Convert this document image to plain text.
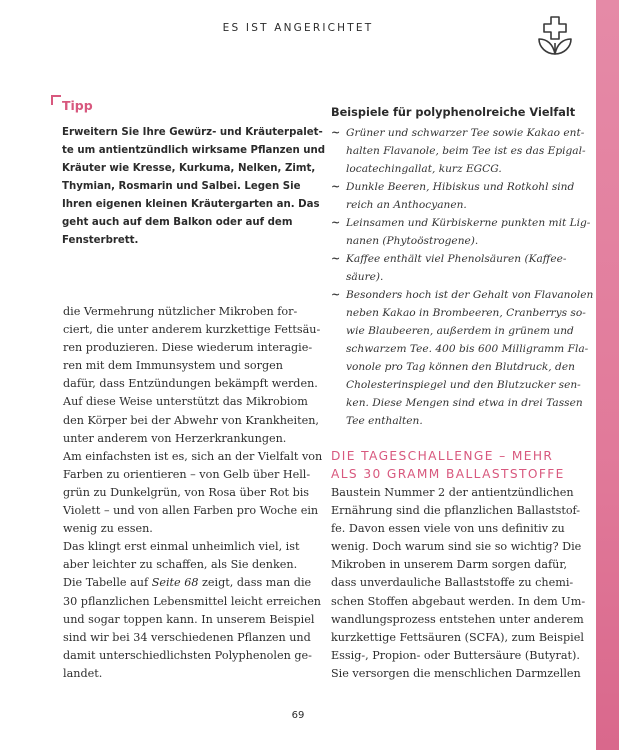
ES IST ANGERICHTET
Tipp
Erweitern Sie Ihre Gewürz- und Kräuterpalet-
te um antientzündlich wirksame Pflanzen und
Kräuter wie Kresse, Kurkuma, Nelken, Zimt,
Thymian, Rosmarin und Salbei. Legen Sie
Ihren eigenen kleinen Kräutergarten an. Das
geht auch auf dem Balkon oder auf dem
Fensterbrett.
die Vermehrung nützlicher Mikroben for-
ciert, die unter anderem kurzkettige Fettsäu-
ren produzieren. Diese wiederum interagie-
ren mit dem Immunsystem und sorgen
dafür, dass Entzündungen bekämpft werden.
Auf diese Weise unterstützt das Mikrobiom
den Körper bei der Abwehr von Krankheiten,
unter anderem von Herzerkrankungen.
Am einfachsten ist es, sich an der Vielfalt von
Farben zu orientieren – von Gelb über Hell-
grün zu Dunkelgrün, von Rosa über Rot bis
Violett – und von allen Farben pro Woche ein
wenig zu essen.
Das klingt erst einmal unheimlich viel, ist
aber leichter zu schaffen, als Sie denken.
Die Tabelle auf Seite 68 zeigt, dass man die
30 pflanzlichen Lebensmittel leicht erreichen
und sogar toppen kann. In unserem Beispiel
sind wir bei 34 verschiedenen Pflanzen und
damit unterschiedlichsten Polyphenolen ge-
landet.
Beispiele für polyphenolreiche Vielfalt
~ Grüner und schwarzer Tee sowie Kakao ent-
halten Flavanole, beim Tee ist es das Epigal-
locatechingallat, kurz EGCG.
~ Dunkle Beeren, Hibiskus und Rotkohl sind
reich an Anthocyanen.
~ Leinsamen und Kürbiskerne punkten mit Lig-
nanen (Phytoöstrogene).
~ Kaffee enthält viel Phenolsäuren (Kaffee-
säure).
~ Besonders hoch ist der Gehalt von Flavanolen
neben Kakao in Brombeeren, Cranberrys so-
wie Blaubeeren, außerdem in grünem und
schwarzem Tee. 400 bis 600 Milligramm Fla-
vonole pro Tag können den Blutdruck, den
Cholesterinspiegel und den Blutzucker sen-
ken. Diese Mengen sind etwa in drei Tassen
Tee enthalten.
DIE TAGESCHALLENGE – MEHR
ALS 30 GRAMM BALLASTSTOFFE
Baustein Nummer 2 der antientzündlichen
Ernährung sind die pflanzlichen Ballaststof-
fe. Davon essen viele von uns definitiv zu
wenig. Doch warum sind sie so wichtig? Die
Mikroben in unserem Darm sorgen dafür,
dass unverdauliche Ballaststoffe zu chemi-
schen Stoffen abgebaut werden. In dem Um-
wandlungsprozess entstehen unter anderem
kurzkettige Fettsäuren (SCFA), zum Beispiel
Essig-, Propion- oder Buttersäure (Butyrat).
Sie versorgen die menschlichen Darmzellen
69
